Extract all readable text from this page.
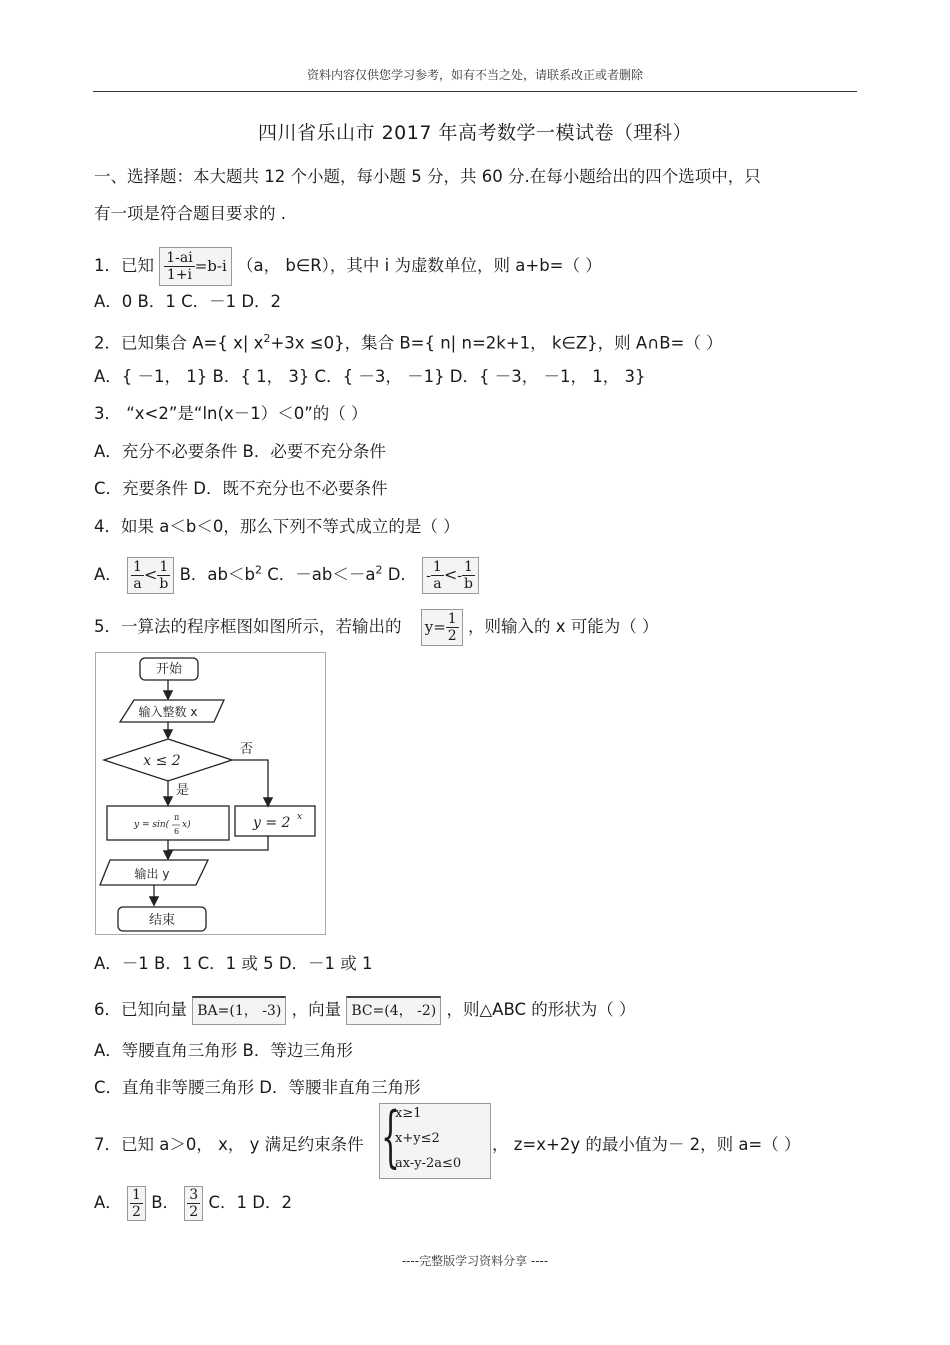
资料内容仅供您学习参考，如有不当之处，请联系改正或者删除
四川省乐山市 2017 年高考数学一模试卷（理科）
一、选择题：本大题共 12 个小题，每小题 5 分，共 60 分.在每小题给出的四个选项中，只
有一项是符合题目要求的 .
1．已知 $\frac{1-ai}{1+i} =b-i$ （a， b∈R），其中 i 为虚数单位，则 a+b=（ ）
A．0 B．1 C．－1 D．2
2．已知集合 A={ x| $x^2+3x \le 0$}，集合 B={ n| n=2k+1， k∈Z}，则 A∩B=（ ）
A．{ －1， 1} B．{ 1， 3} C．{ －3， －1} D．{ －3， －1， 1， 3}
3． “x<2”是“ln(x－1）＜0”的（ ）
A．充分不必要条件 B．必要不充分条件
C．充要条件 D．既不充分也不必要条件
4．如果 a＜b＜0，那么下列不等式成立的是（ ）
A． $\frac{1}{a} < \frac{1}{b}$ B．$ab<b^2$ C．$-ab<-a^2$ D． - $\frac{1}{a} <- \frac{1}{b}$
5．一算法的程序框图如图所示，若输出的 $y= \frac{1}{2}$ ，则输入的 x 可能为（ ）
开始
输入整数 x
x ≤ 2
否
是
y = sin(
π
6
x)	y = 2 x
输出 y
结束
A．－1 B．1 C．1 或 5 D．－1 或 1
6．已知向量 BA=(1， -3) ，向量 BC=(4， -2) ，则△ABC 的形状为（ ）
A．等腰直角三角形 B．等边三角形
C．直角非等腰三角形 D．等腰非直角三角形
7．已知 a＞0， x， y 满足约束条件 {
x≥1
x+y≤2
ax-y-2a≤0
， z=x+2y 的最小值为－ 2，则 a=（ ）
A． $\frac{1}{2}$ B． $\frac{3}{2}$ C．1 D．2
----完整版学习资料分享 ----
